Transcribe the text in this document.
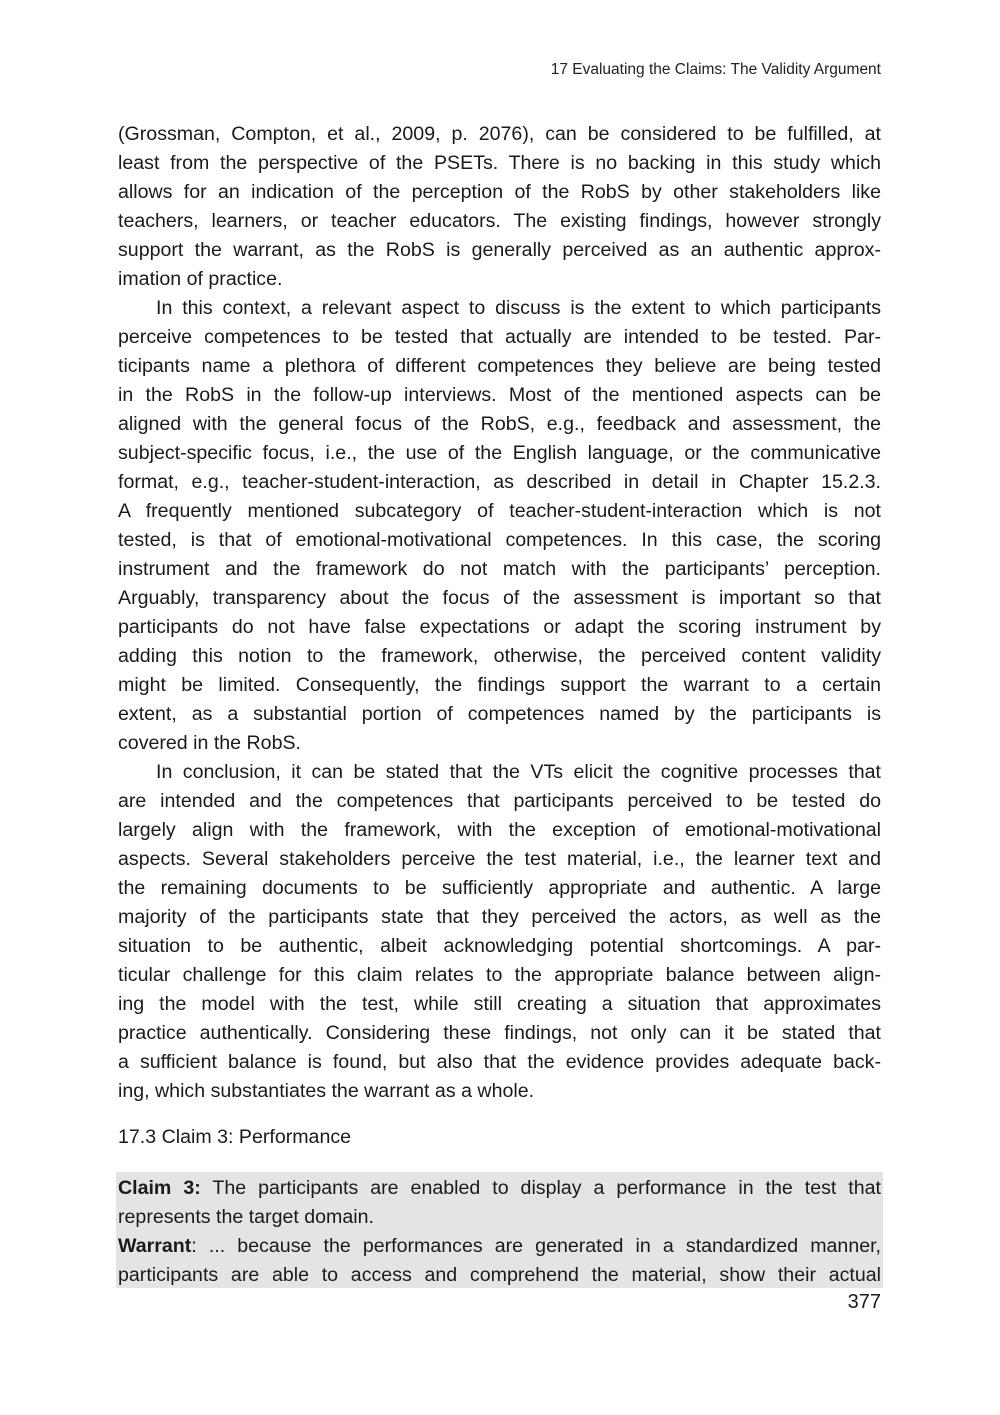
17 Evaluating the Claims: The Validity Argument
(Grossman, Compton, et al., 2009, p. 2076), can be considered to be fulfilled, at
least from the perspective of the PSETs. There is no backing in this study which
allows for an indication of the perception of the RobS by other stakeholders like
teachers, learners, or teacher educators. The existing findings, however strongly
support the warrant, as the RobS is generally perceived as an authentic approx-
imation of practice.
In this context, a relevant aspect to discuss is the extent to which participants
perceive competences to be tested that actually are intended to be tested. Par-
ticipants name a plethora of different competences they believe are being tested
in the RobS in the follow-up interviews. Most of the mentioned aspects can be
aligned with the general focus of the RobS, e.g., feedback and assessment, the
subject-specific focus, i.e., the use of the English language, or the communicative
format, e.g., teacher-student-interaction, as described in detail in Chapter 15.2.3.
A frequently mentioned subcategory of teacher-student-interaction which is not
tested, is that of emotional-motivational competences. In this case, the scoring
instrument and the framework do not match with the participants’ perception.
Arguably, transparency about the focus of the assessment is important so that
participants do not have false expectations or adapt the scoring instrument by
adding this notion to the framework, otherwise, the perceived content validity
might be limited. Consequently, the findings support the warrant to a certain
extent, as a substantial portion of competences named by the participants is
covered in the RobS.
In conclusion, it can be stated that the VTs elicit the cognitive processes that
are intended and the competences that participants perceived to be tested do
largely align with the framework, with the exception of emotional-motivational
aspects. Several stakeholders perceive the test material, i.e., the learner text and
the remaining documents to be sufficiently appropriate and authentic. A large
majority of the participants state that they perceived the actors, as well as the
situation to be authentic, albeit acknowledging potential shortcomings. A par-
ticular challenge for this claim relates to the appropriate balance between align-
ing the model with the test, while still creating a situation that approximates
practice authentically. Considering these findings, not only can it be stated that
a sufficient balance is found, but also that the evidence provides adequate back-
ing, which substantiates the warrant as a whole.
17.3 Claim 3: Performance
Claim 3: The participants are enabled to display a performance in the test that
represents the target domain.
Warrant: ... because the performances are generated in a standardized manner,
participants are able to access and comprehend the material, show their actual
377
